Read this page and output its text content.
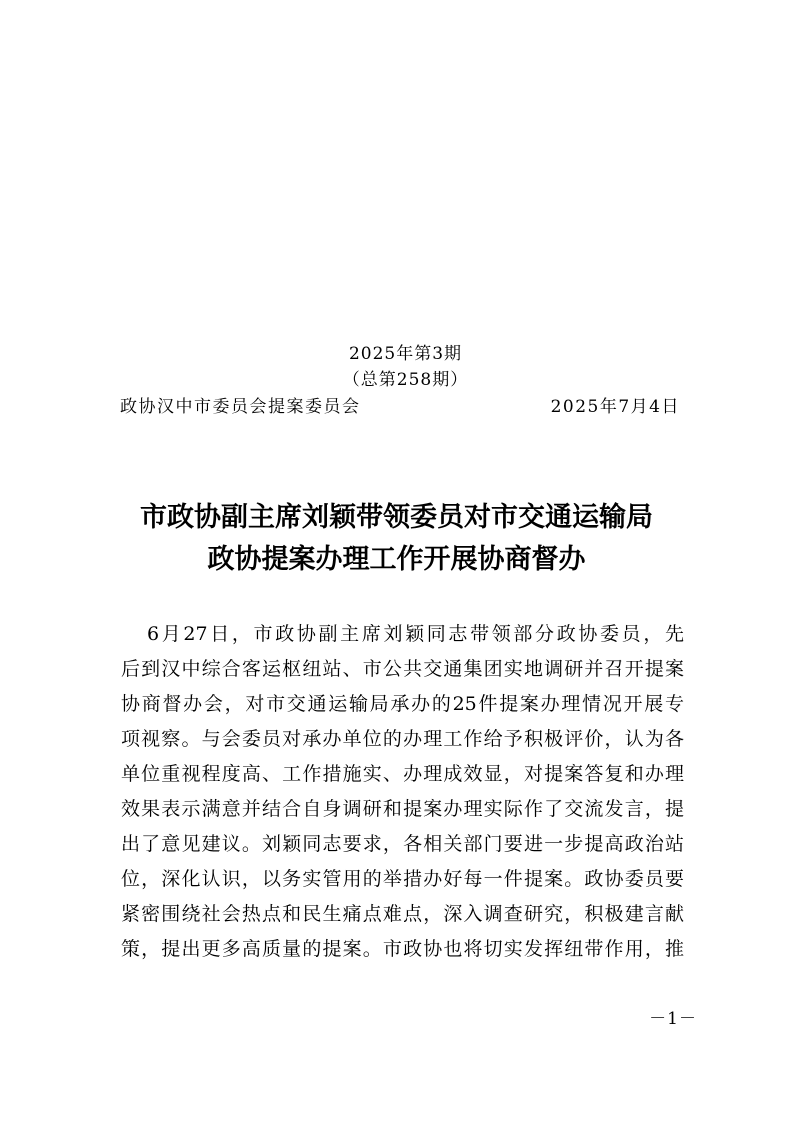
2025年第3期
（总第258期）
政协汉中市委员会提案委员会	2025年7月4日
市政协副主席刘颖带领委员对市交通运输局
政协提案办理工作开展协商督办
6月27日，市政协副主席刘颖同志带领部分政协委员，先
后到汉中综合客运枢纽站、市公共交通集团实地调研并召开提案
协商督办会，对市交通运输局承办的25件提案办理情况开展专
项视察。与会委员对承办单位的办理工作给予积极评价，认为各
单位重视程度高、工作措施实、办理成效显，对提案答复和办理
效果表示满意并结合自身调研和提案办理实际作了交流发言，提
出了意见建议。刘颖同志要求，各相关部门要进一步提高政治站
位，深化认识，以务实管用的举措办好每一件提案。政协委员要
紧密围绕社会热点和民生痛点难点，深入调查研究，积极建言献
策，提出更多高质量的提案。市政协也将切实发挥纽带作用，推
－1－
